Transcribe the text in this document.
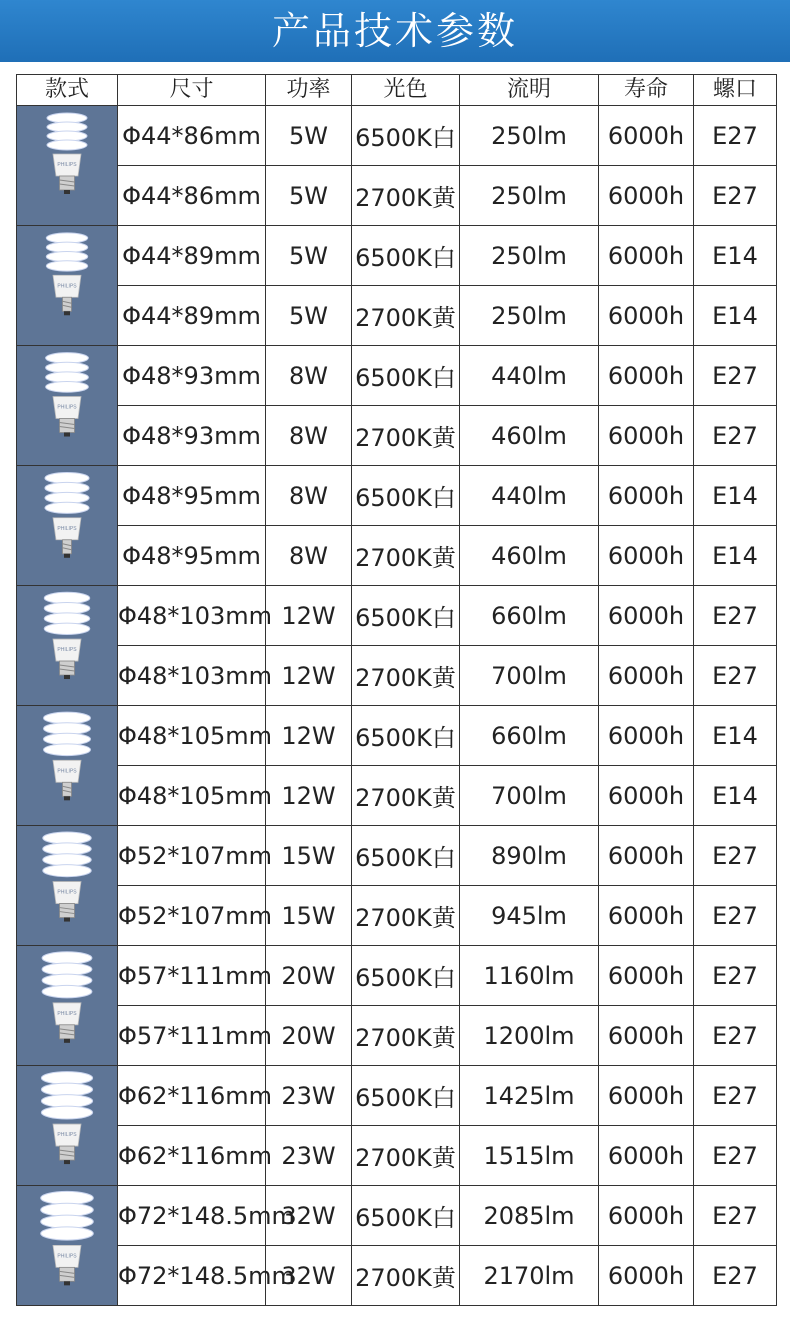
产品技术参数
款式	尺寸	功率	光色	流明	寿命	螺口

PHILIPS	Φ44*86mm	5W	6500K白	250lm	6000h	E27
	Φ44*86mm	5W	2700K黄	250lm	6000h	E27

PHILIPS	Φ44*89mm	5W	6500K白	250lm	6000h	E14
	Φ44*89mm	5W	2700K黄	250lm	6000h	E14

PHILIPS	Φ48*93mm	8W	6500K白	440lm	6000h	E27
	Φ48*93mm	8W	2700K黄	460lm	6000h	E27

PHILIPS	Φ48*95mm	8W	6500K白	440lm	6000h	E14
	Φ48*95mm	8W	2700K黄	460lm	6000h	E14

PHILIPS	Φ48*103mm	12W	6500K白	660lm	6000h	E27
	Φ48*103mm	12W	2700K黄	700lm	6000h	E27

PHILIPS	Φ48*105mm	12W	6500K白	660lm	6000h	E14
	Φ48*105mm	12W	2700K黄	700lm	6000h	E14

PHILIPS	Φ52*107mm	15W	6500K白	890lm	6000h	E27
	Φ52*107mm	15W	2700K黄	945lm	6000h	E27

PHILIPS	Φ57*111mm	20W	6500K白	1160lm	6000h	E27
	Φ57*111mm	20W	2700K黄	1200lm	6000h	E27

PHILIPS	Φ62*116mm	23W	6500K白	1425lm	6000h	E27
	Φ62*116mm	23W	2700K黄	1515lm	6000h	E27

PHILIPS	Φ72*148.5mm	32W	6500K白	2085lm	6000h	E27
	Φ72*148.5mm	32W	2700K黄	2170lm	6000h	E27
